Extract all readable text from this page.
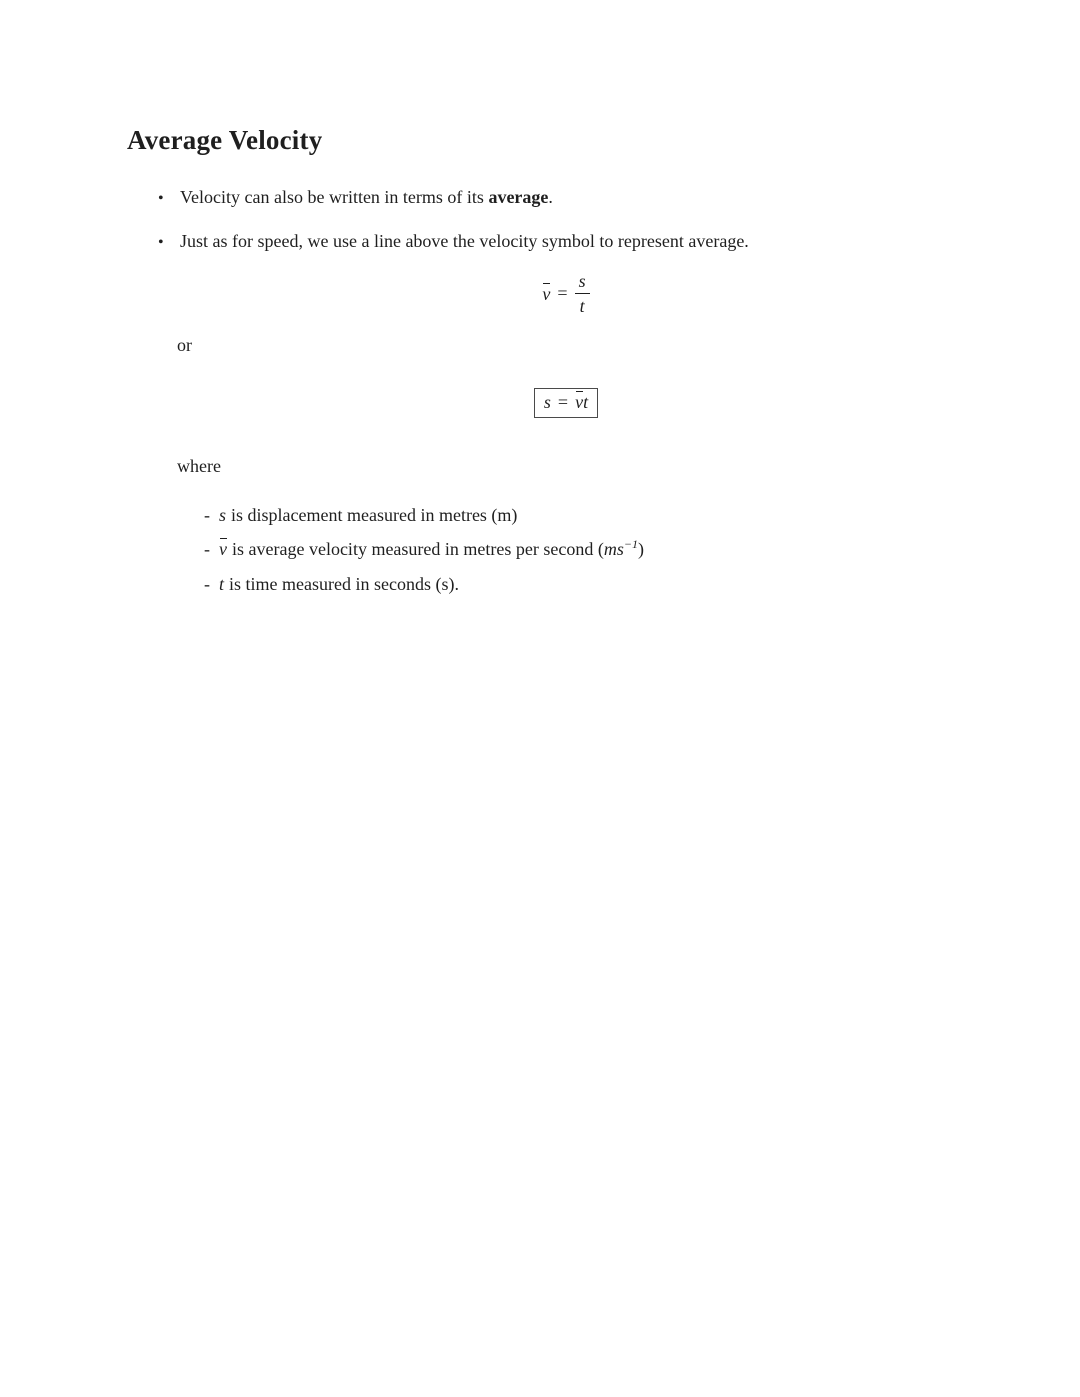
Average Velocity
• Velocity can also be written in terms of its average.
• Just as for speed, we use a line above the velocity symbol to represent average.
$v = \frac{s}{t}$
or
s = vt
where
- s is displacement measured in metres (m)
- v is average velocity measured in metres per second $(ms^{-1})$
- t is time measured in seconds (s).
